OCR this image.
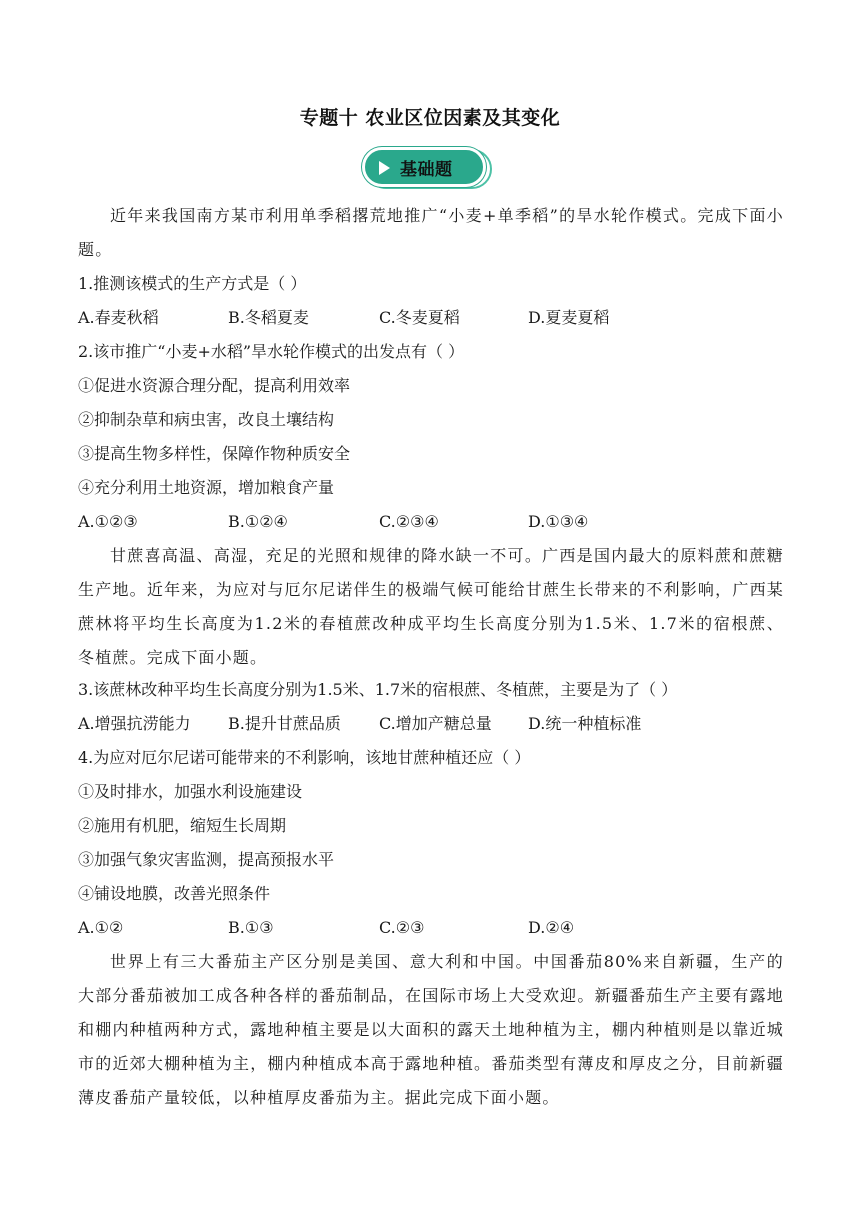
专题十 农业区位因素及其变化
基础题
近年来我国南方某市利用单季稻撂荒地推广“小麦+单季稻”的旱水轮作模式。完成下面小题。
1.推测该模式的生产方式是（ ）
A.春麦秋稻	B.冬稻夏麦	C.冬麦夏稻	D.夏麦夏稻
2.该市推广“小麦+水稻”旱水轮作模式的出发点有（ ）
①促进水资源合理分配，提高利用效率
②抑制杂草和病虫害，改良土壤结构
③提高生物多样性，保障作物种质安全
④充分利用土地资源，增加粮食产量
A.①②③	B.①②④	C.②③④	D.①③④
甘蔗喜高温、高湿，充足的光照和规律的降水缺一不可。广西是国内最大的原料蔗和蔗糖生产地。近年来，为应对与厄尔尼诺伴生的极端气候可能给甘蔗生长带来的不利影响，广西某蔗林将平均生长高度为1.2米的春植蔗改种成平均生长高度分别为1.5米、1.7米的宿根蔗、冬植蔗。完成下面小题。
3.该蔗林改种平均生长高度分别为1.5米、1.7米的宿根蔗、冬植蔗，主要是为了（ ）
A.增强抗涝能力 B.提升甘蔗品质 C.增加产糖总量 D.统一种植标准
4.为应对厄尔尼诺可能带来的不利影响，该地甘蔗种植还应（ ）
①及时排水，加强水利设施建设
②施用有机肥，缩短生长周期
③加强气象灾害监测，提高预报水平
④铺设地膜，改善光照条件
A.①②	B.①③	C.②③	D.②④
世界上有三大番茄主产区分别是美国、意大利和中国。中国番茄80%来自新疆，生产的大部分番茄被加工成各种各样的番茄制品，在国际市场上大受欢迎。新疆番茄生产主要有露地和棚内种植两种方式，露地种植主要是以大面积的露天土地种植为主，棚内种植则是以靠近城市的近郊大棚种植为主，棚内种植成本高于露地种植。番茄类型有薄皮和厚皮之分，目前新疆薄皮番茄产量较低，以种植厚皮番茄为主。据此完成下面小题。
